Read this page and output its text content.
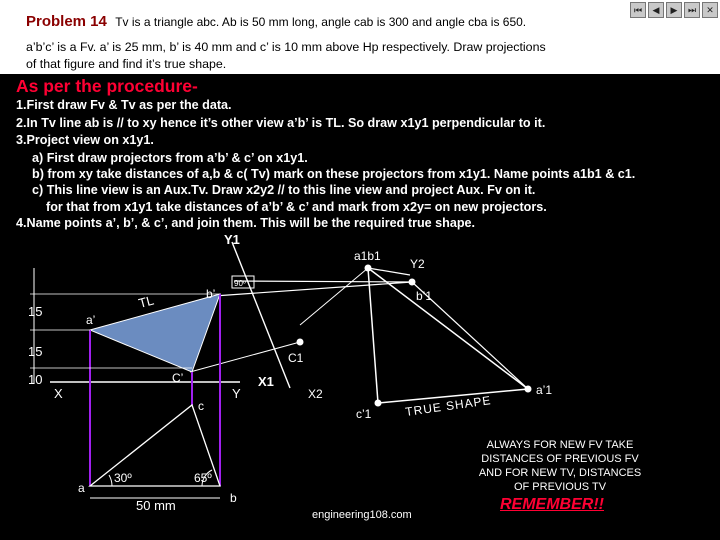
⏮	◀	▶	⏭	✕
Problem 14 Tv is a triangle abc. Ab is 50 mm long, angle cab is 300 and angle cba is 650.
a’b’c’ is a Fv. a’ is 25 mm, b’ is 40 mm and c’ is 10 mm above Hp respectively. Draw projections
of that figure and find it’s true shape.
As per the procedure-
1.First draw Fv & Tv as per the data.
2.In Tv line ab is // to xy hence it’s other view a’b’ is TL. So draw x1y1 perpendicular to it.
3.Project view on x1y1.
a) First draw projectors from a’b’ & c’ on x1y1.
b) from xy take distances of a,b & c( Tv) mark on these projectors from x1y1. Name points a1b1 & c1.
c) This line view is an Aux.Tv. Draw x2y2 // to this line view and project Aux. Fv on it.
for that from x1y1 take distances of a’b’ & c’ and mark from x2y= on new projectors.
4.Name points a’, b’, & c’, and join them. This will be the required true shape.
Y1
a1b1
Y2
b’1
b’
90º
TL
a’
C1
C’	X1
X2
X	Y
c
c’1
a’1
TRUE SHAPE
a
b
30º	65º
50 mm
15
15
10
engineering108.com
ALWAYS FOR NEW FV TAKE
DISTANCES OF PREVIOUS FV
AND FOR NEW TV, DISTANCES
OF PREVIOUS TV
REMEMBER!!
